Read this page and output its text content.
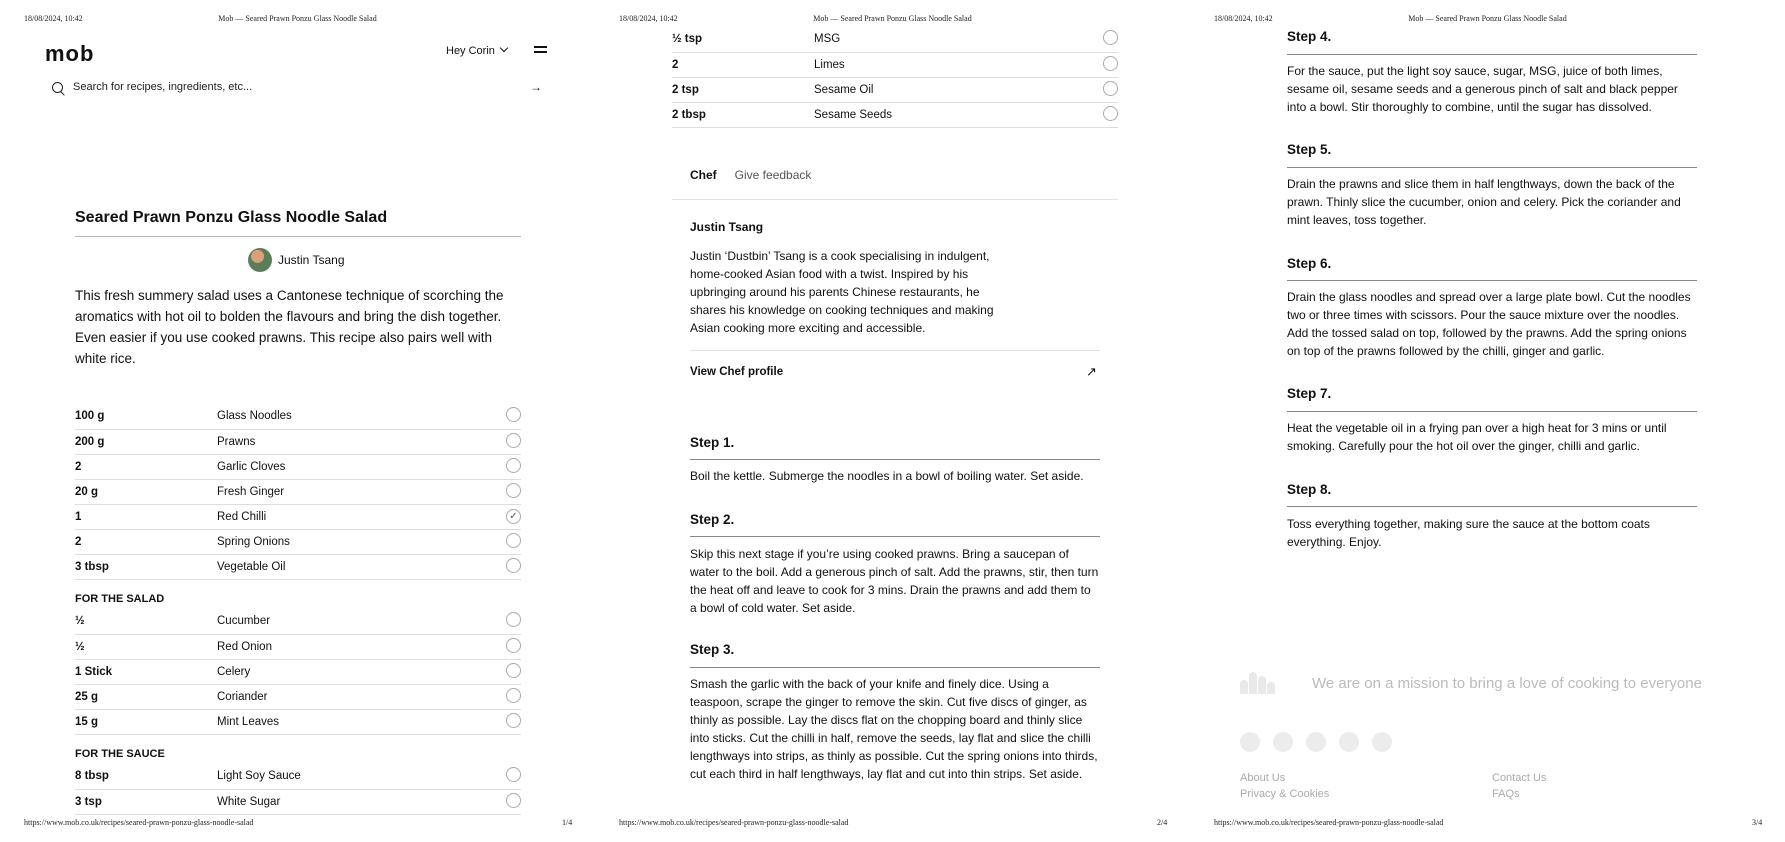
18/08/2024, 10:42	Mob — Seared Prawn Ponzu Glass Noodle Salad
mob	Hey Corin
Search for recipes, ingredients, etc...
→
Seared Prawn Ponzu Glass Noodle Salad
Justin Tsang

This fresh summery salad uses a Cantonese technique of scorching the aromatics with hot oil to bolden the flavours and bring the dish together. Even easier if you use cooked prawns. This recipe also pairs well with white rice.

100 g	Glass Noodles	
200 g	Prawns	
2	Garlic Cloves	
20 g	Fresh Ginger	
1	Red Chilli	✓
2	Spring Onions	
3 tbsp	Vegetable Oil	
FOR THE SALAD
½	Cucumber	
½	Red Onion	
1 Stick	Celery	
25 g	Coriander	
15 g	Mint Leaves	
FOR THE SAUCE
8 tbsp	Light Soy Sauce	
3 tsp	White Sugar	
https://www.mob.co.uk/recipes/seared-prawn-ponzu-glass-noodle-salad	1/4
18/08/2024, 10:42	Mob — Seared Prawn Ponzu Glass Noodle Salad
https://www.mob.co.uk/recipes/seared-prawn-ponzu-glass-noodle-salad	2/4
½ tsp	MSG	
2	Limes	
2 tsp	Sesame Oil	
2 tbsp	Sesame Seeds	
Chef Give feedback
Justin Tsang

Justin ‘Dustbin’ Tsang is a cook specialising in indulgent, home-cooked Asian food with a twist. Inspired by his upbringing around his parents Chinese restaurants, he shares his knowledge on cooking techniques and making Asian cooking more exciting and accessible.

View Chef profile	↗
Step 1.

Boil the kettle. Submerge the noodles in a bowl of boiling water. Set aside.

Step 2.

Skip this next stage if you’re using cooked prawns. Bring a saucepan of water to the boil. Add a generous pinch of salt. Add the prawns, stir, then turn the heat off and leave to cook for 3 mins. Drain the prawns and add them to a bowl of cold water. Set aside.

Step 3.

Smash the garlic with the back of your knife and finely dice. Using a teaspoon, scrape the ginger to remove the skin. Cut five discs of ginger, as thinly as possible. Lay the discs flat on the chopping board and thinly slice into sticks. Cut the chilli in half, remove the seeds, lay flat and slice the chilli lengthways into strips, as thinly as possible. Cut the spring onions into thirds, cut each third in half lengthways, lay flat and cut into thin strips. Set aside.

18/08/2024, 10:42	Mob — Seared Prawn Ponzu Glass Noodle Salad
https://www.mob.co.uk/recipes/seared-prawn-ponzu-glass-noodle-salad	3/4
Step 4.

For the sauce, put the light soy sauce, sugar, MSG, juice of both limes, sesame oil, sesame seeds and a generous pinch of salt and black pepper into a bowl. Stir thoroughly to combine, until the sugar has dissolved.

Step 5.

Drain the prawns and slice them in half lengthways, down the back of the prawn. Thinly slice the cucumber, onion and celery. Pick the coriander and mint leaves, toss together.

Step 6.

Drain the glass noodles and spread over a large plate bowl. Cut the noodles two or three times with scissors. Pour the sauce mixture over the noodles. Add the tossed salad on top, followed by the prawns. Add the spring onions on top of the prawns followed by the chilli, ginger and garlic.

Step 7.

Heat the vegetable oil in a frying pan over a high heat for 3 mins or until smoking. Carefully pour the hot oil over the ginger, chilli and garlic.

Step 8.

Toss everything together, making sure the sauce at the bottom coats everything. Enjoy.

We are on a mission to bring a love of cooking to everyone
About Us	Contact Us
Privacy & Cookies	FAQs
